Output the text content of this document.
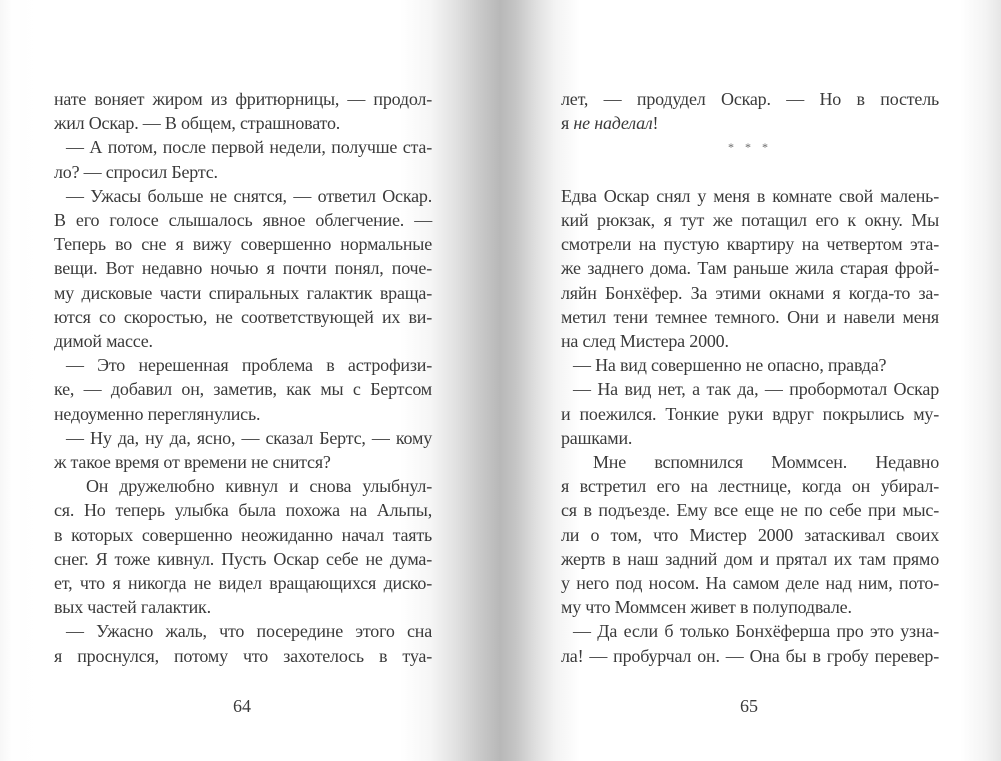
нате воняет жиром из фритюрницы, — продол-
жил Оскар. — В общем, страшновато.
— А потом, после первой недели, получше ста-
ло? — спросил Бертс.
— Ужасы больше не снятся, — ответил Оскар.
В его голосе слышалось явное облегчение. —
Теперь во сне я вижу совершенно нормальные
вещи. Вот недавно ночью я почти понял, поче-
му дисковые части спиральных галактик враща-
ются со скоростью, не соответствующей их ви-
димой массе.
— Это нерешенная проблема в астрофизи-
ке, — добавил он, заметив, как мы с Бертсом
недоуменно переглянулись.
— Ну да, ну да, ясно, — сказал Бертс, — кому
ж такое время от времени не снится?
Он дружелюбно кивнул и снова улыбнул-
ся. Но теперь улыбка была похожа на Альпы,
в которых совершенно неожиданно начал таять
снег. Я тоже кивнул. Пусть Оскар себе не дума-
ет, что я никогда не видел вращающихся диско-
вых частей галактик.
— Ужасно жаль, что посередине этого сна
я проснулся, потому что захотелось в туа-
64
лет, — продудел Оскар. — Но в постель
я не наделал!
* * *
Едва Оскар снял у меня в комнате свой малень-
кий рюкзак, я тут же потащил его к окну. Мы
смотрели на пустую квартиру на четвертом эта-
же заднего дома. Там раньше жила старая фрой-
ляйн Бонхёфер. За этими окнами я когда-то за-
метил тени темнее темного. Они и навели меня
на след Мистера 2000.
— На вид совершенно не опасно, правда?
— На вид нет, а так да, — пробормотал Оскар
и поежился. Тонкие руки вдруг покрылись му-
рашками.
Мне вспомнился Моммсен. Недавно
я встретил его на лестнице, когда он убирал-
ся в подъезде. Ему все еще не по себе при мыс-
ли о том, что Мистер 2000 затаскивал своих
жертв в наш задний дом и прятал их там прямо
у него под носом. На самом деле над ним, пото-
му что Моммсен живет в полуподвале.
— Да если б только Бонхёферша про это узна-
ла! — пробурчал он. — Она бы в гробу перевер-
65
